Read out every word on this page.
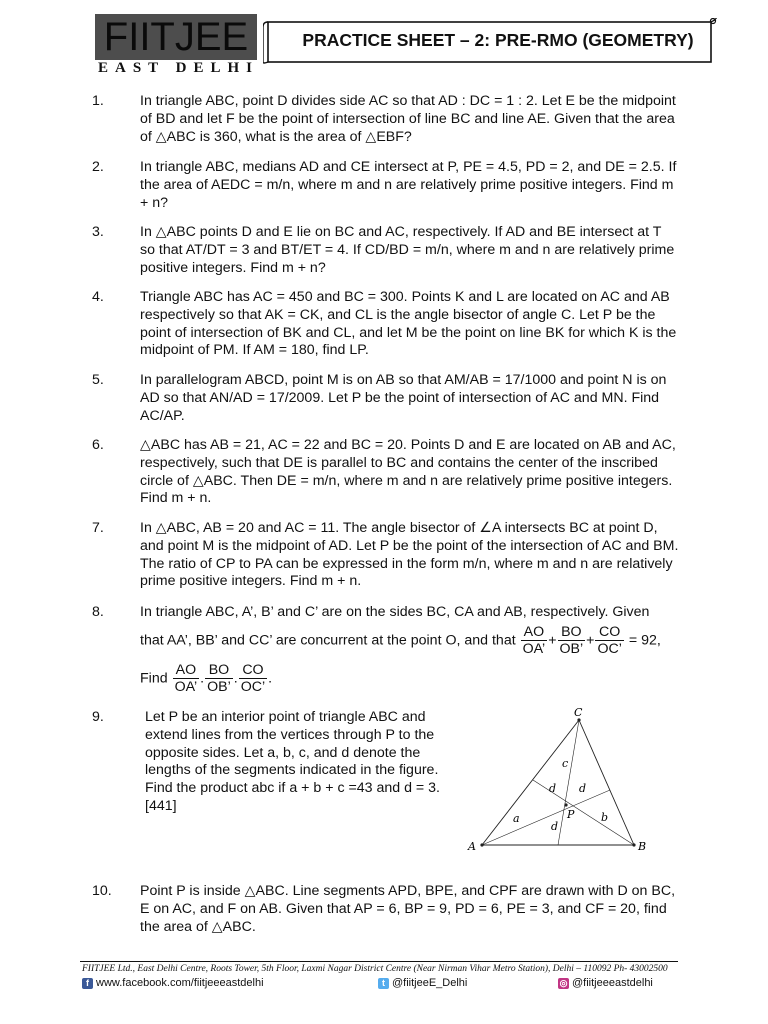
FIITJEE
EAST DELHI
PRACTICE SHEET – 2: PRE-RMO (GEOMETRY)
1.	In triangle ABC, point D divides side AC so that AD : DC = 1 : 2. Let E be the midpoint of BD and let F be the point of intersection of line BC and line AE. Given that the area of △ABC is 360, what is the area of △EBF?
2.	In triangle ABC, medians AD and CE intersect at P, PE = 4.5, PD = 2, and DE = 2.5. If the area of AEDC = m/n, where m and n are relatively prime positive integers. Find m + n?
3.	In △ABC points D and E lie on BC and AC, respectively. If AD and BE intersect at T so that AT/DT = 3 and BT/ET = 4. If CD/BD = m/n, where m and n are relatively prime positive integers. Find m + n?
4.	Triangle ABC has AC = 450 and BC = 300. Points K and L are located on AC and AB respectively so that AK = CK, and CL is the angle bisector of angle C. Let P be the point of intersection of BK and CL, and let M be the point on line BK for which K is the midpoint of PM. If AM = 180, find LP.
5.	In parallelogram ABCD, point M is on AB so that AM/AB = 17/1000 and point N is on AD so that AN/AD = 17/2009. Let P be the point of intersection of AC and MN. Find AC/AP.
6.	△ABC has AB = 21, AC = 22 and BC = 20. Points D and E are located on AB and AC, respectively, such that DE is parallel to BC and contains the center of the inscribed circle of △ABC. Then DE = m/n, where m and n are relatively prime positive integers. Find m + n.
7.	In △ABC, AB = 20 and AC = 11. The angle bisector of ∠A intersects BC at point D, and point M is the midpoint of AD. Let P be the point of the intersection of AC and BM. The ratio of CP to PA can be expressed in the form m/n, where m and n are relatively prime positive integers. Find m + n.
8.	In triangle ABC, A’, B’ and C’ are on the sides BC, CA and AB, respectively. Given
that AA’, BB’ and CC’ are concurrent at the point O, and that $\frac{AO}{OA’} + \frac{BO}{OB’} + \frac{CO}{OC’} = 92$,
Find $\frac{AO}{OA’}$ . $\frac{BO}{OB’}$ . $\frac{CO}{OC’}$ .
9.	Let P be an interior point of triangle ABC and extend lines from the vertices through P to the opposite sides. Let a, b, c, and d denote the lengths of the segments indicated in the figure. Find the product abc if a + b + c =43 and d = 3. [441]
C
A	B
P
a	b
c
d d
d
10. Point P is inside △ABC. Line segments APD, BPE, and CPF are drawn with D on BC, E on AC, and F on AB. Given that AP = 6, BP = 9, PD = 6, PE = 3, and CF = 20, find the area of △ABC.
FIITJEE Ltd., East Delhi Centre, Roots Tower, 5th Floor, Laxmi Nagar District Centre (Near Nirman Vihar Metro Station), Delhi – 110092 Ph- 43002500
f www.facebook.com/fiitjeeeastdelhi	t @fiitjeeE_Delhi	◎ @fiitjeeeastdelhi
